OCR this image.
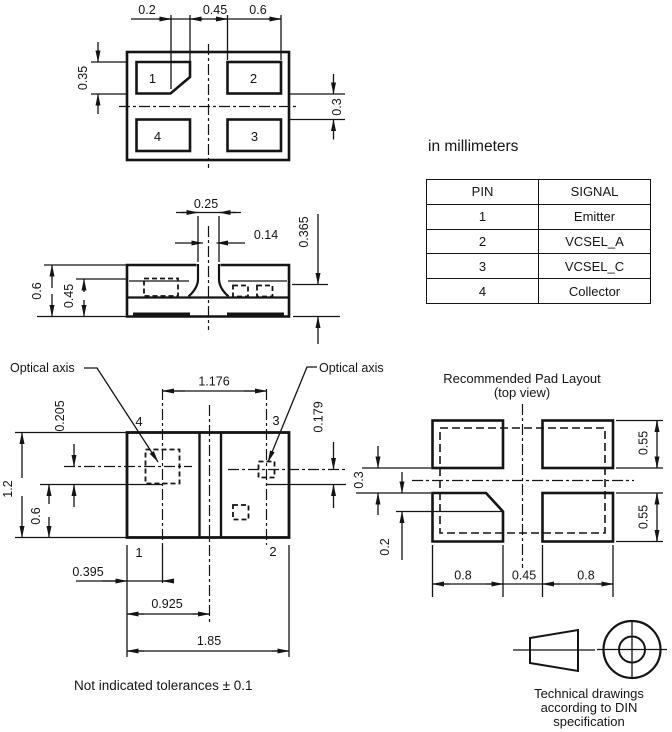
1	2
4	3
0.2	0.45 0.6
0.35
0.3
0.25
0.14 0.365
0.6 0.45
in millimeters
4	3
1	2
Optical axis	Optical axis
1.176
0.205	0.179
1.2
0.6
0.395
0.925
1.85
Not indicated tolerances ± 0.1
Recommended Pad Layout
(top view)
0.55
0.55
0.3
0.2
0.8	0.45	0.8
Technical drawings
according to DIN
specification
PIN	SIGNAL
1	Emitter
2	VCSEL_A
3	VCSEL_C
4	Collector
